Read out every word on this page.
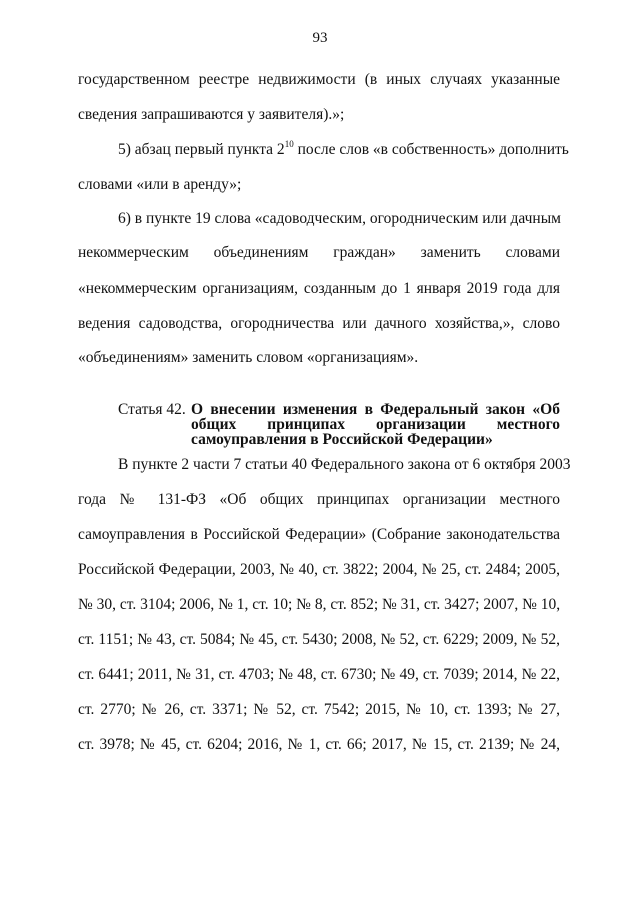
93
государственном реестре недвижимости (в иных случаях указанные
сведения запрашиваются у заявителя).»;
5) абзац первый пункта $2^{10}$ после слов «в собственность» дополнить
словами «или в аренду»;
6) в пункте 19 слова «садоводческим, огородническим или дачным
некоммерческим объединениям граждан» заменить словами
«некоммерческим организациям, созданным до 1 января 2019 года для
ведения садоводства, огородничества или дачного хозяйства,», слово
«объединениям» заменить словом «организациям».
Статья 42. О внесении изменения в Федеральный закон «Об
общих принципах организации местного
самоуправления в Российской Федерации»
В пункте 2 части 7 статьи 40 Федерального закона от 6 октября 2003
года № 131-ФЗ «Об общих принципах организации местного
самоуправления в Российской Федерации» (Собрание законодательства
Российской Федерации, 2003, № 40, ст. 3822; 2004, № 25, ст. 2484; 2005,
№ 30, ст. 3104; 2006, № 1, ст. 10; № 8, ст. 852; № 31, ст. 3427; 2007, № 10,
ст. 1151; № 43, ст. 5084; № 45, ст. 5430; 2008, № 52, ст. 6229; 2009, № 52,
ст. 6441; 2011, № 31, ст. 4703; № 48, ст. 6730; № 49, ст. 7039; 2014, № 22,
ст. 2770; № 26, ст. 3371; № 52, ст. 7542; 2015, № 10, ст. 1393; № 27,
ст. 3978; № 45, ст. 6204; 2016, № 1, ст. 66; 2017, № 15, ст. 2139; № 24,
